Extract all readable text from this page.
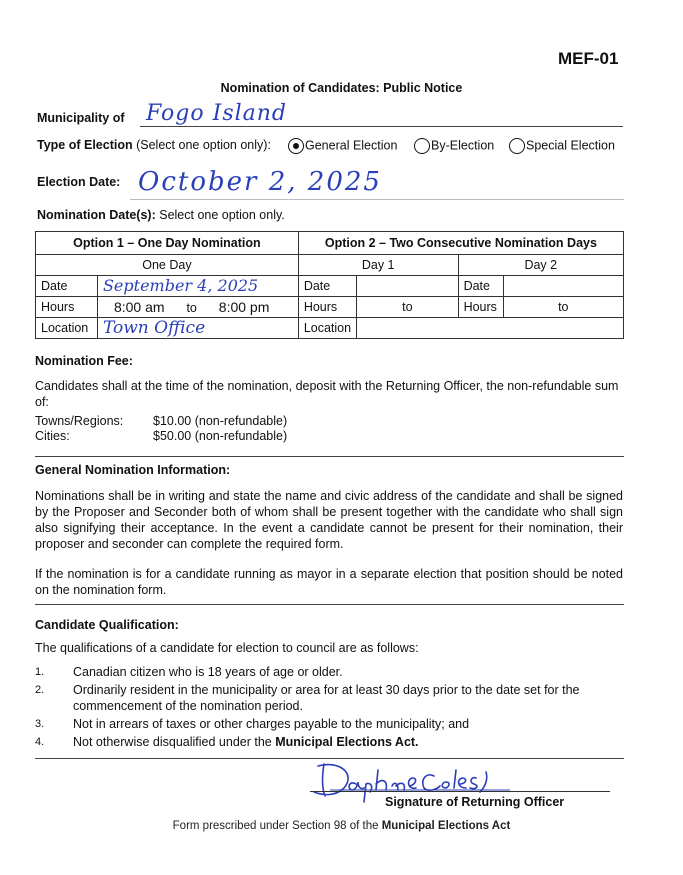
MEF-01
Nomination of Candidates: Public Notice
Municipality of Fogo Island
Type of Election (Select one option only):	General Election	By-Election	Special Election
Election Date: October 2, 2025
Nomination Date(s): Select one option only.
Option 1 – One Day Nomination		Option 2 – Two Consecutive Nomination Days			
One Day		Day 1		Day 2	
Date	September 4, 2025	Date		Date	
Hours	8:00 am to 8:00 pm	Hours	to	Hours	to
Location	Town Office	Location			
Nomination Fee:
Candidates shall at the time of the nomination, deposit with the Returning Officer, the non-refundable sum of:
Towns/Regions: $10.00 (non-refundable)
Cities:	$50.00 (non-refundable)
General Nomination Information:
Nominations shall be in writing and state the name and civic address of the candidate and shall be signed by the Proposer and Seconder both of whom shall be present together with the candidate who shall sign also signifying their acceptance. In the event a candidate cannot be present for their nomination, their proposer and seconder can complete the required form.
If the nomination is for a candidate running as mayor in a separate election that position should be noted on the nomination form.
Candidate Qualification:
The qualifications of a candidate for election to council are as follows:
1. Canadian citizen who is 18 years of age or older.
2. Ordinarily resident in the municipality or area for at least 30 days prior to the date set for the commencement of the nomination period.
3. Not in arrears of taxes or other charges payable to the municipality; and
4. Not otherwise disqualified under the Municipal Elections Act.
Daphne Coles
Signature of Returning Officer
Form prescribed under Section 98 of the Municipal Elections Act
